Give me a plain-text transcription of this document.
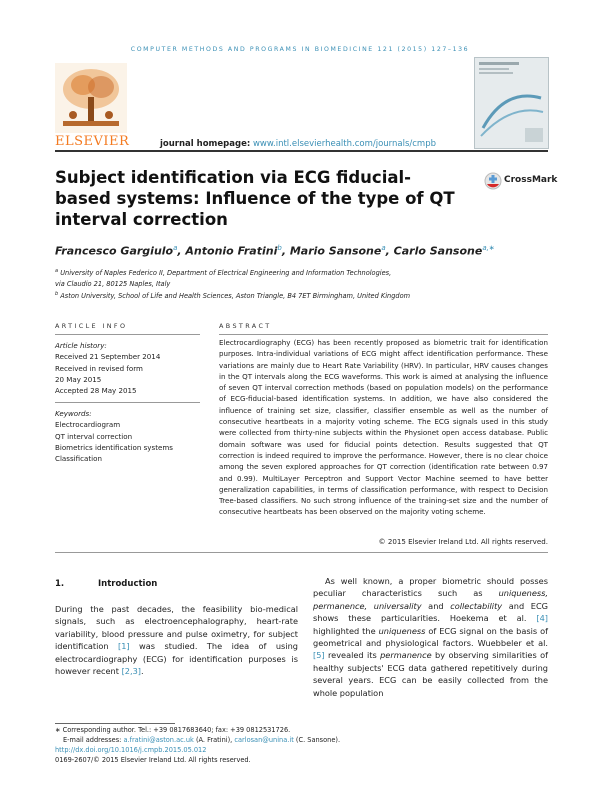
COMPUTER METHODS AND PROGRAMS IN BIOMEDICINE 121 (2015) 127–136
ELSEVIER	journal homepage: www.intl.elsevierhealth.com/journals/cmpb
Subject identification via ECG fiducial-based systems: Influence of the type of QT interval correction
CrossMark
Francesco Gargiulo$^a$, Antonio Fratini$^b$, Mario Sansone$^a$, Carlo Sansone$^{a,∗}$
$^a$ University of Naples Federico II, Department of Electrical Engineering and Information Technologies,
via Claudio 21, 80125 Naples, Italy
$^b$ Aston University, School of Life and Health Sciences, Aston Triangle, B4 7ET Birmingham, United Kingdom
ARTICLE INFO	ABSTRACT
Article history:
Received 21 September 2014
Received in revised form
20 May 2015
Accepted 28 May 2015
Keywords:
Electrocardiogram
QT interval correction
Biometrics identification systems
Classification
Electrocardiography (ECG) has been recently proposed as biometric trait for identification purposes. Intra-individual variations of ECG might affect identification performance. These variations are mainly due to Heart Rate Variability (HRV). In particular, HRV causes changes in the QT intervals along the ECG waveforms. This work is aimed at analysing the influence of seven QT interval correction methods (based on population models) on the performance of ECG-fiducial-based identification systems. In addition, we have also considered the influence of training set size, classifier, classifier ensemble as well as the number of consecutive heartbeats in a majority voting scheme. The ECG signals used in this study were collected from thirty-nine subjects within the Physionet open access database. Public domain software was used for fiducial points detection. Results suggested that QT correction is indeed required to improve the performance. However, there is no clear choice among the seven explored approaches for QT correction (identification rate between 0.97 and 0.99). MultiLayer Perceptron and Support Vector Machine seemed to have better generalization capabilities, in terms of classification performance, with respect to Decision Tree-based classifiers. No such strong influence of the training-set size and the number of consecutive heartbeats has been observed on the majority voting scheme.
© 2015 Elsevier Ireland Ltd. All rights reserved.
1.	Introduction

During the past decades, the feasibility bio-medical signals, such as electroencephalography, heart-rate variability, blood pressure and pulse oximetry, for subject identification [1] was studied. The idea of using electrocardiography (ECG) for identification purposes is however recent [2,3].

As well known, a proper biometric should posses peculiar characteristics such as uniqueness, permanence, universality and collectability and ECG shows these particularities. Hoekema et al. [4] highlighted the uniqueness of ECG signal on the basis of geometrical and physiological factors. Wuebbeler et al. [5] revealed its permanence by observing similarities of healthy subjects' ECG data gathered repetitively during several years. ECG can be easily collected from the whole population

∗ Corresponding author. Tel.: +39 0817683640; fax: +39 0812531726.
E-mail addresses: a.fratini@aston.ac.uk (A. Fratini), carlosan@unina.it (C. Sansone).
http://dx.doi.org/10.1016/j.cmpb.2015.05.012
0169-2607/© 2015 Elsevier Ireland Ltd. All rights reserved.
